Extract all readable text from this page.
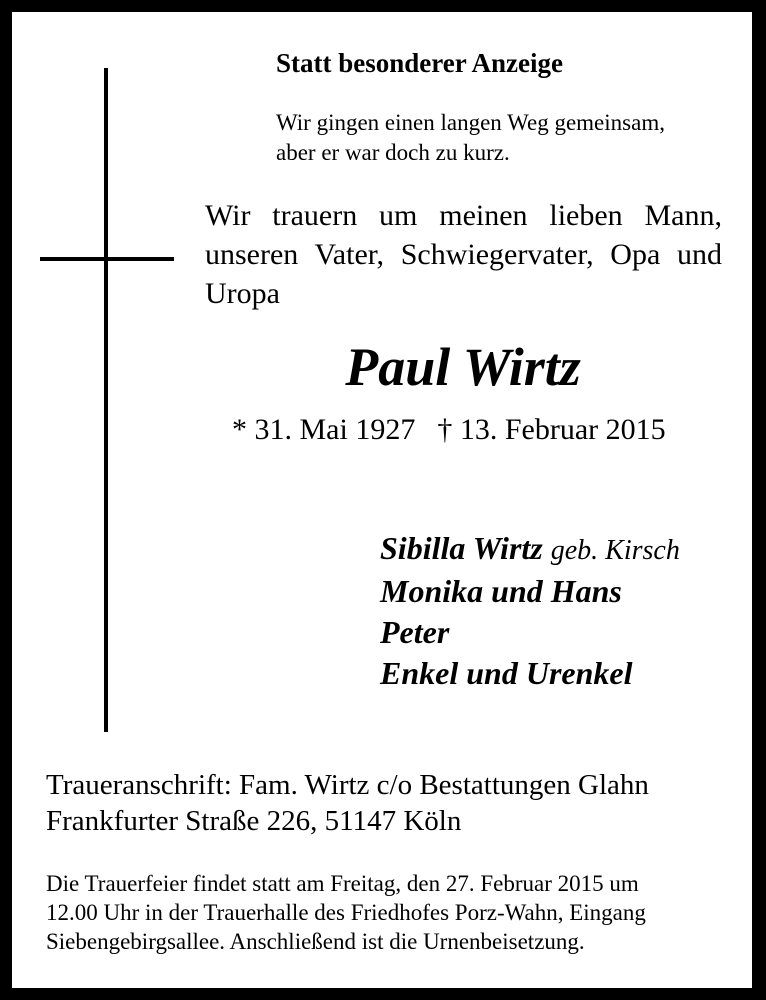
Statt besonderer Anzeige

Wir gingen einen langen Weg gemeinsam,
aber er war doch zu kurz.
Wir trauern um meinen lieben Mann,
unseren Vater, Schwiegervater, Opa und
Uropa

Paul Wirtz

* 31. Mai 1927 † 13. Februar 2015

Sibilla Wirtz geb. Kirsch
Monika und Hans
Peter
Enkel und Urenkel
Traueranschrift: Fam. Wirtz c/o Bestattungen Glahn
Frankfurter Straße 226, 51147 Köln
Die Trauerfeier findet statt am Freitag, den 27. Februar 2015 um
12.00 Uhr in der Trauerhalle des Friedhofes Porz-Wahn, Eingang
Siebengebirgsallee. Anschließend ist die Urnenbeisetzung.
